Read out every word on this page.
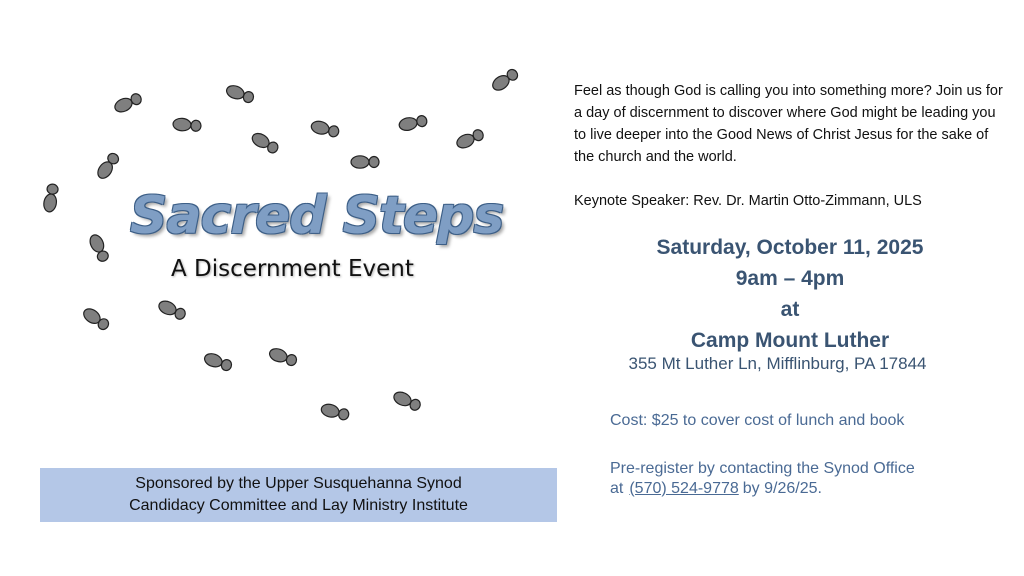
Sacred Steps
A Discernment Event
Sponsored by the Upper Susquehanna Synod
Candidacy Committee and Lay Ministry Institute
Feel as though God is calling you into something more? Join us for a day of discernment to discover where God might be leading you to live deeper into the Good News of Christ Jesus for the sake of the church and the world.
Keynote Speaker: Rev. Dr. Martin Otto-Zimmann, ULS
Saturday, October 11, 2025
9am – 4pm
at
Camp Mount Luther
355 Mt Luther Ln, Mifflinburg, PA 17844
Cost: $25 to cover cost of lunch and book
Pre-register by contacting the Synod Office
at (570) 524-9778 by 9/26/25.
